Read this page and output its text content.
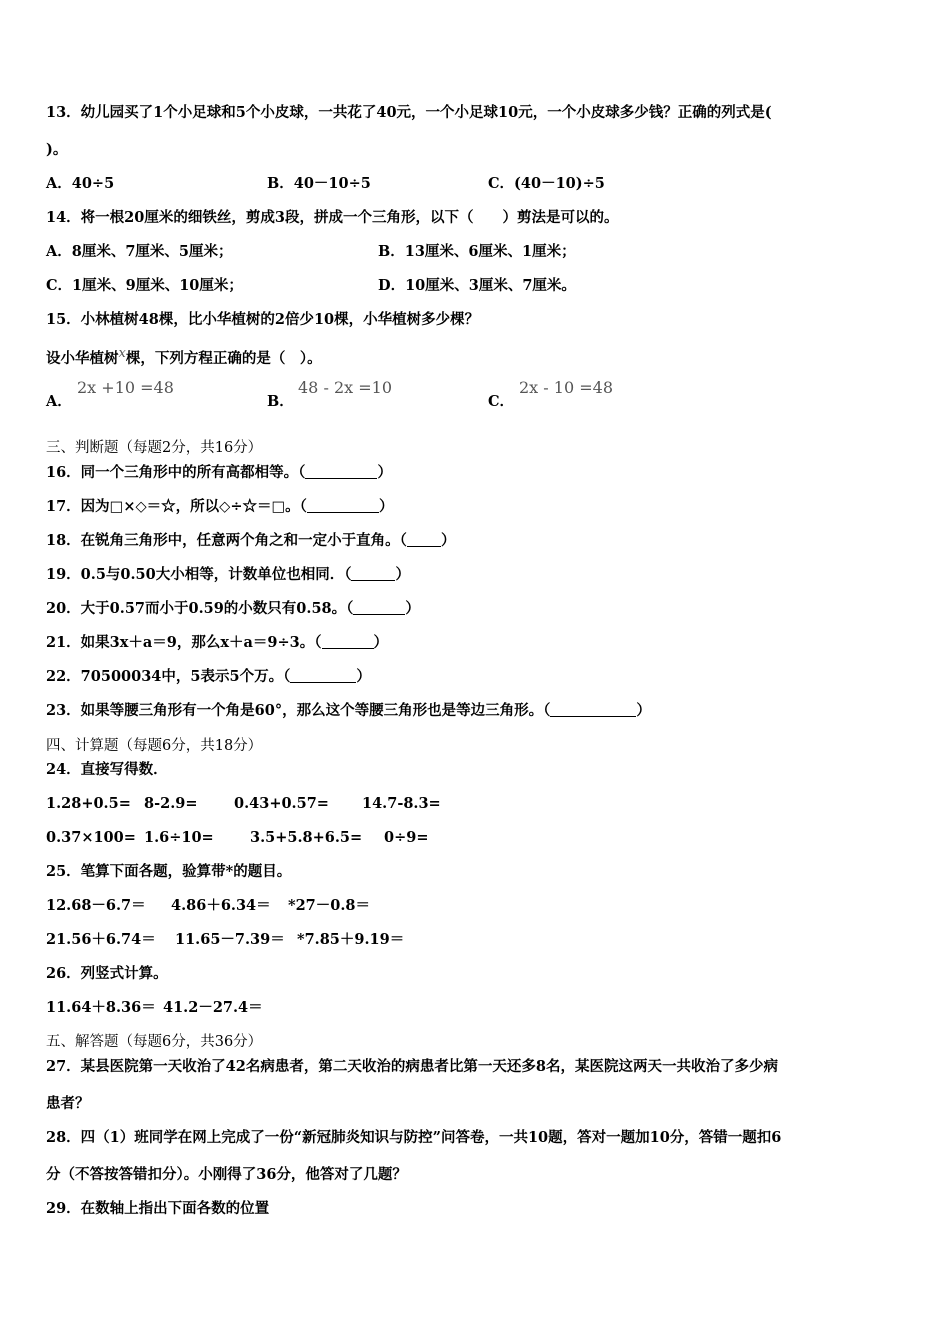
13．幼儿园买了1个小足球和5个小皮球，一共花了40元，一个小足球10元，一个小皮球多少钱？正确的列式是(
)。
A．40÷5	B．40－10÷5	C．(40－10)÷5
14．将一根20厘米的细铁丝，剪成3段，拼成一个三角形，以下（　　）剪法是可以的。
A．8厘米、7厘米、5厘米；	B．13厘米、6厘米、1厘米；
C．1厘米、9厘米、10厘米；	D．10厘米、3厘米、7厘米。
15．小林植树48棵，比小华植树的2倍少10棵，小华植树多少棵？
设小华植树x棵，下列方程正确的是（　）。
A．
2x +10 =48
B．
48 - 2x =10
C．
2x - 10 =48
三、判断题（每题2分，共16分）
16．同一个三角形中的所有高都相等。（	）
17．因为□×◇＝☆，所以◇÷☆＝□。（	）
18．在锐角三角形中，任意两个角之和一定小于直角。（ ）
19．0.5与0.50大小相等，计数单位也相同．（	）
20．大于0.57而小于0.59的小数只有0.58。（	）
21．如果3x＋a＝9，那么x＋a＝9÷3。（	）
22．70500034中，5表示5个万。（	）
23．如果等腰三角形有一个角是60°，那么这个等腰三角形也是等边三角形。（	）
四、计算题（每题6分，共18分）
24．直接写得数．
1.28+0.5= 8-2.9=	0.43+0.57= 14.7-8.3=
0.37×100= 1.6÷10=	3.5+5.8+6.5= 0÷9=
25．笔算下面各题，验算带*的题目。
12.68－6.7＝ 4.86＋6.34＝ *27－0.8＝
21.56＋6.74＝ 11.65－7.39＝ *7.85＋9.19＝
26．列竖式计算。
11.64＋8.36＝ 41.2－27.4＝
五、解答题（每题6分，共36分）
27．某县医院第一天收治了42名病患者，第二天收治的病患者比第一天还多8名，某医院这两天一共收治了多少病
患者？
28．四（1）班同学在网上完成了一份“新冠肺炎知识与防控”问答卷，一共10题，答对一题加10分，答错一题扣6
分（不答按答错扣分）。小刚得了36分，他答对了几题？
29．在数轴上指出下面各数的位置
